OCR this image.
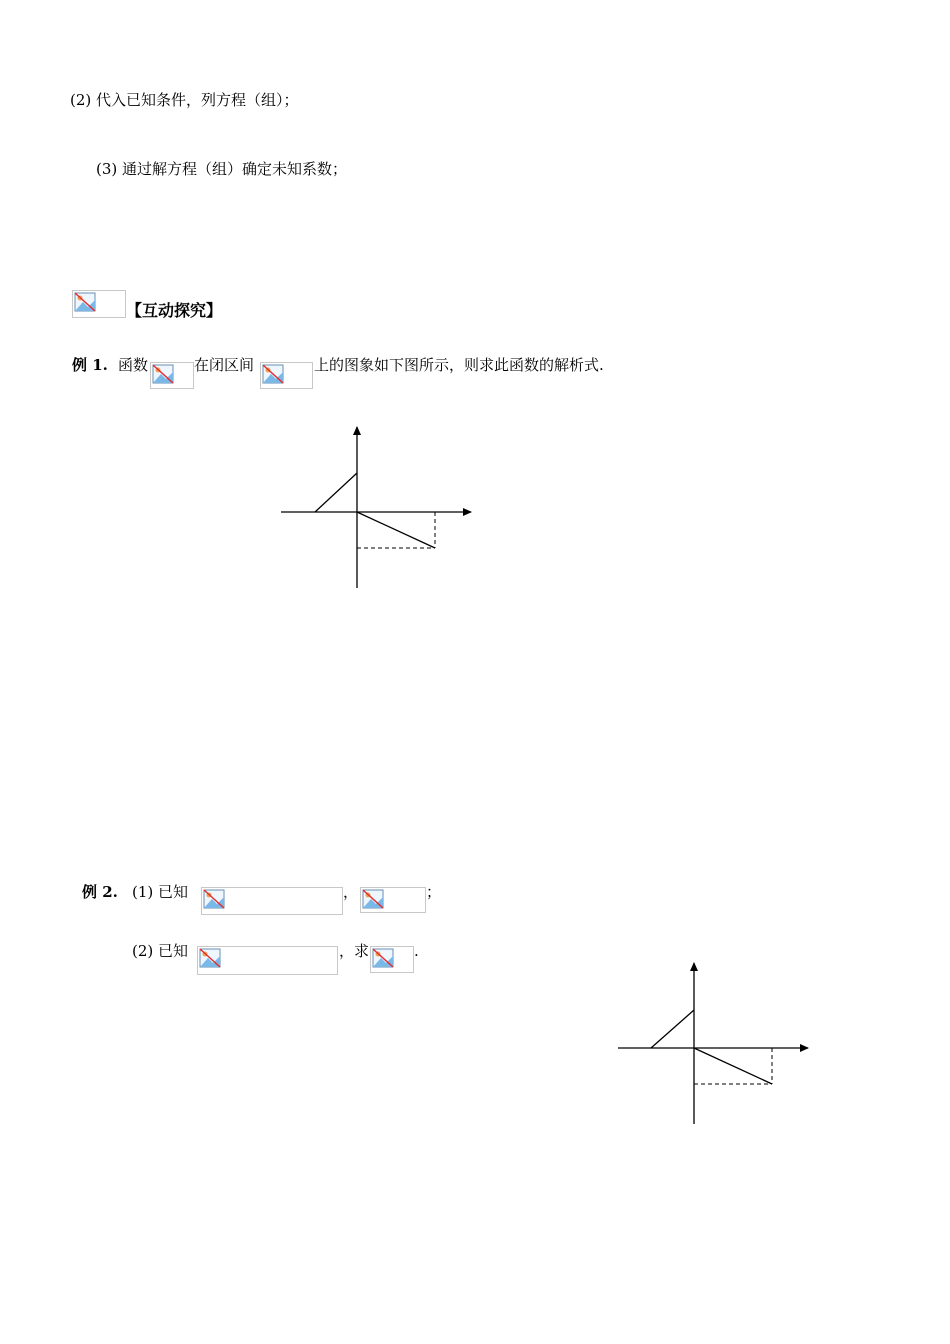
(2) 代入已知条件，列方程（组）；
(3) 通过解方程（组）确定未知系数；
【互动探究】
例 1. 函数	在闭区间	上的图象如下图所示，则求此函数的解析式.
例 2. (1) 已知	，	；
(2) 已知	，求	.
